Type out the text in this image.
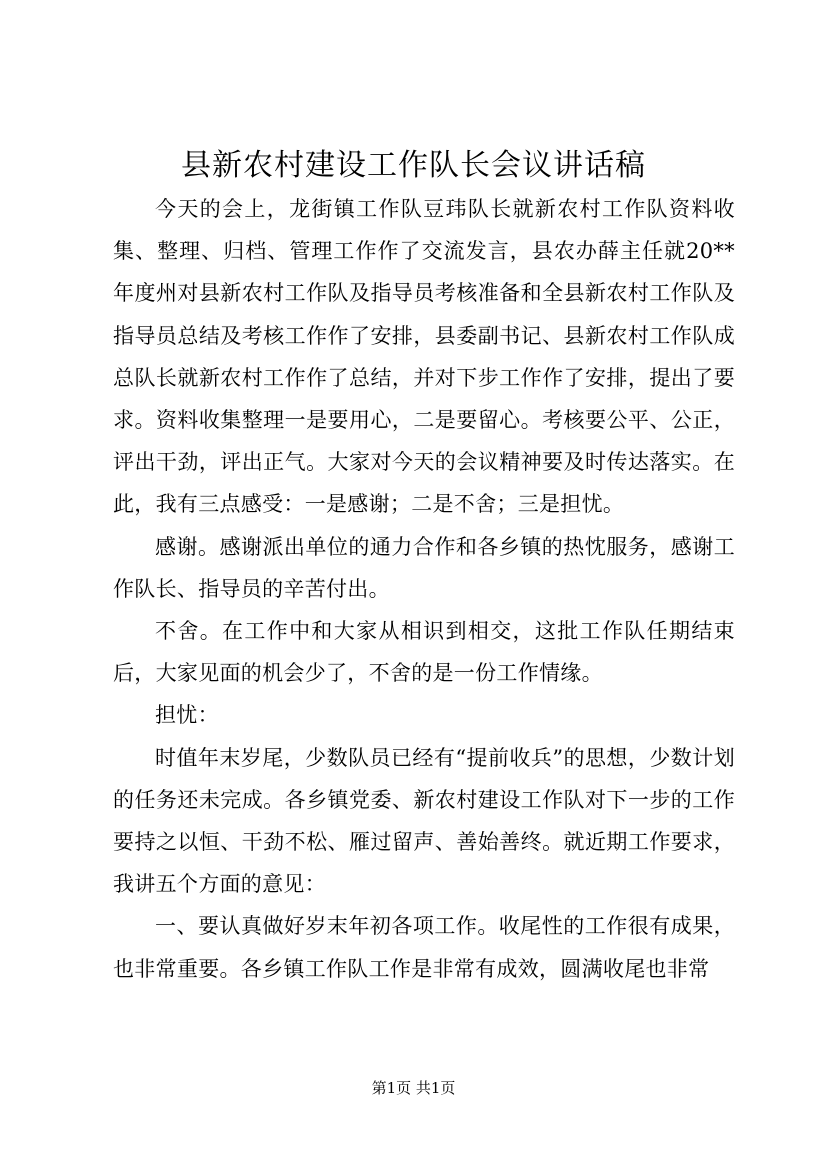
县新农村建设工作队长会议讲话稿

今天的会上，龙街镇工作队豆玮队长就新农村工作队资料收集、整理、归档、管理工作作了交流发言，县农办薛主任就20**年度州对县新农村工作队及指导员考核准备和全县新农村工作队及指导员总结及考核工作作了安排，县委副书记、县新农村工作队成总队长就新农村工作作了总结，并对下步工作作了安排，提出了要求。资料收集整理一是要用心，二是要留心。考核要公平、公正，评出干劲，评出正气。大家对今天的会议精神要及时传达落实。在此，我有三点感受：一是感谢；二是不舍；三是担忧。

感谢。感谢派出单位的通力合作和各乡镇的热忱服务，感谢工作队长、指导员的辛苦付出。

不舍。在工作中和大家从相识到相交，这批工作队任期结束后，大家见面的机会少了，不舍的是一份工作情缘。

担忧：

时值年末岁尾，少数队员已经有“提前收兵”的思想，少数计划的任务还未完成。各乡镇党委、新农村建设工作队对下一步的工作要持之以恒、干劲不松、雁过留声、善始善终。就近期工作要求，我讲五个方面的意见：

一、要认真做好岁末年初各项工作。收尾性的工作很有成果，也非常重要。各乡镇工作队工作是非常有成效，圆满收尾也非常

第1页 共1页
